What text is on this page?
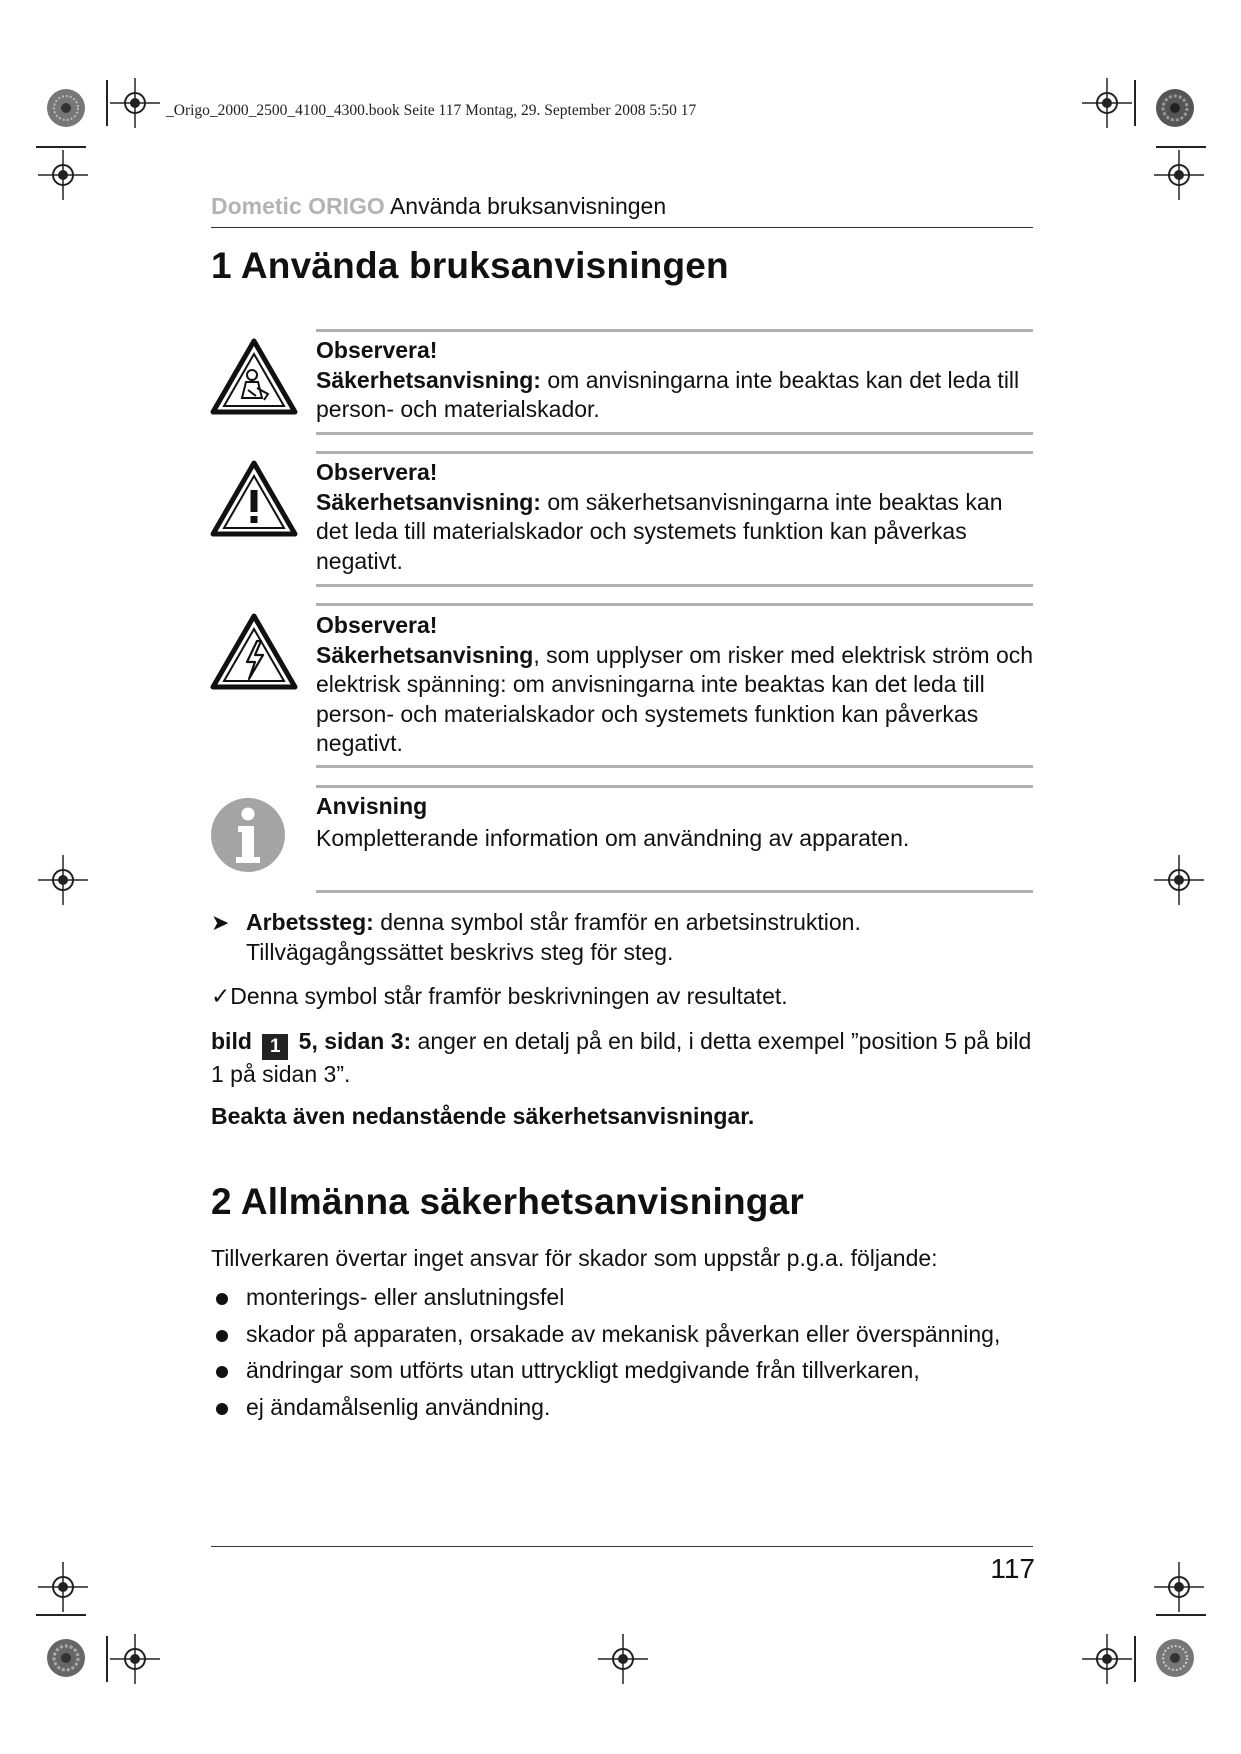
_Origo_2000_2500_4100_4300.book Seite 117 Montag, 29. September 2008 5:50 17
Dometic ORIGO Använda bruksanvisningen
1 Använda bruksanvisningen
Observera!
Säkerhetsanvisning: om anvisningarna inte beaktas kan det leda till person- och materialskador.
Observera!
Säkerhetsanvisning: om säkerhetsanvisningarna inte beaktas kan det leda till materialskador och systemets funktion kan påverkas negativt.
Observera!
Säkerhetsanvisning, som upplyser om risker med elektrisk ström och elektrisk spänning: om anvisningarna inte beaktas kan det leda till person- och materialskador och systemets funktion kan påverkas negativt.
Anvisning
Kompletterande information om användning av apparaten.
➤ Arbetssteg: denna symbol står framför en arbetsinstruktion. Tillvägagångssättet beskrivs steg för steg.
✓Denna symbol står framför beskrivningen av resultatet.
bild 1 5, sidan 3: anger en detalj på en bild, i detta exempel ”position 5 på bild 1 på sidan 3”.
Beakta även nedanstående säkerhetsanvisningar.
2 Allmänna säkerhetsanvisningar
Tillverkaren övertar inget ansvar för skador som uppstår p.g.a. följande:
monterings- eller anslutningsfel
skador på apparaten, orsakade av mekanisk påverkan eller överspänning,
ändringar som utförts utan uttryckligt medgivande från tillverkaren,
ej ändamålsenlig användning.
117
